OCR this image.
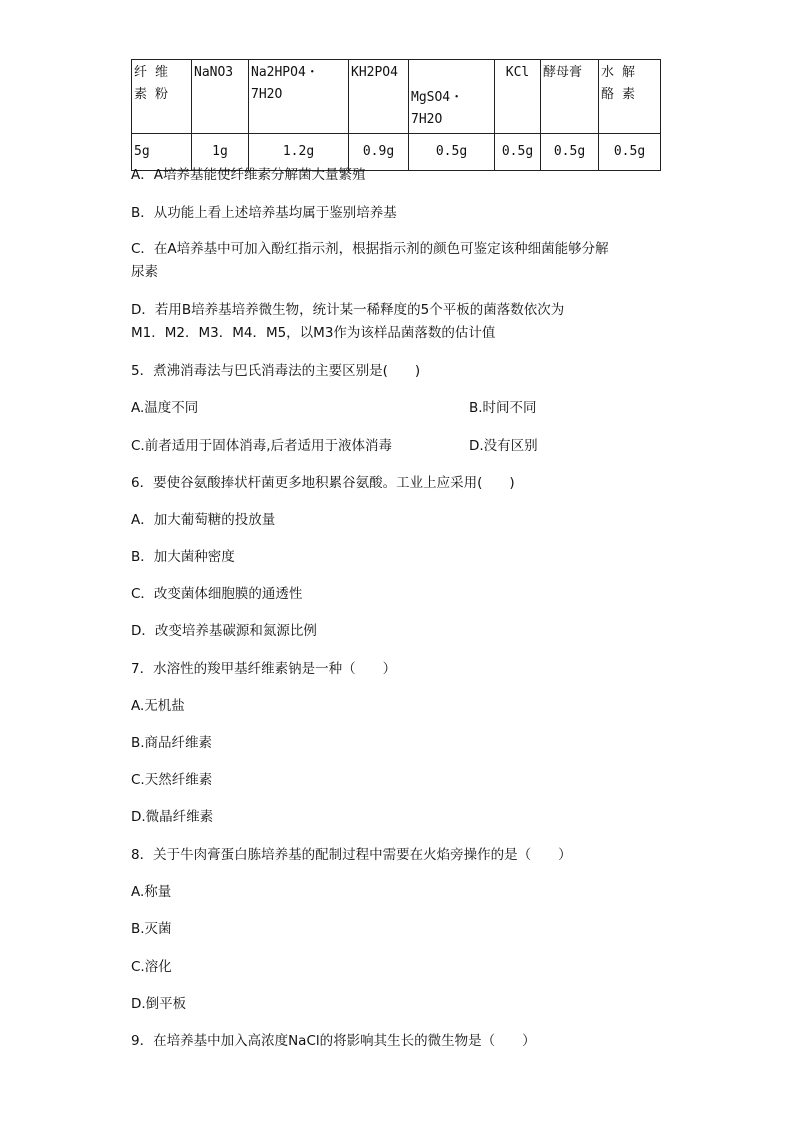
纤维素粉	NaNO3	Na2HPO4・7H2O	KH2PO4	MgSO4・7H2O	KCl	酵母膏	水解酪素
5g	1g	1.2g	0.9g	0.5g	0.5g	0.5g	0.5g
A．A培养基能使纤维素分解菌大量繁殖
B．从功能上看上述培养基均属于鉴别培养基
C．在A培养基中可加入酚红指示剂，根据指示剂的颜色可鉴定该种细菌能够分解
尿素
D．若用B培养基培养微生物，统计某一稀释度的5个平板的菌落数依次为
M1．M2．M3．M4．M5，以M3作为该样品菌落数的估计值
5．煮沸消毒法与巴氏消毒法的主要区别是(　　)
A.温度不同	B.时间不同
C.前者适用于固体消毒,后者适用于液体消毒	D.没有区别
6．要使谷氨酸捧状杆菌更多地积累谷氨酸。工业上应采用(　　)
A．加大葡萄糖的投放量
B．加大菌种密度
C．改变菌体细胞膜的通透性
D．改变培养基碳源和氮源比例
7．水溶性的羧甲基纤维素钠是一种（　　）
A.无机盐
B.商品纤维素
C.天然纤维素
D.微晶纤维素
8．关于牛肉膏蛋白胨培养基的配制过程中需要在火焰旁操作的是（　　）
A.称量
B.灭菌
C.溶化
D.倒平板
9．在培养基中加入高浓度NaCl的将影响其生长的微生物是（　　）
